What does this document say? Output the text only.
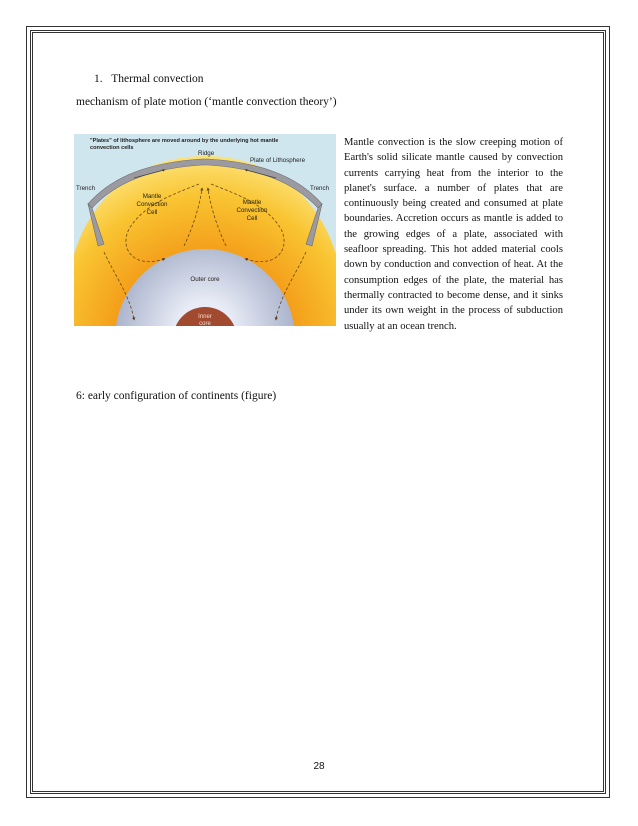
1. Thermal convection
mechanism of plate motion (‘mantle convection theory’)
"Plates" of lithosphere are moved around by the underlying hot mantle
convection cells
Ridge
Plate of Lithosphere
Trench	Trench
Mantle
Convection
Cell
Mantle
Convection
Cell
Outer core
Inner
core
Mantle convection is the slow creeping motion of Earth's solid silicate mantle caused by convection currents carrying heat from the interior to the planet's surface. a number of plates that are continuously being created and consumed at plate boundaries. Accretion occurs as mantle is added to the growing edges of a plate, associated with seafloor spreading. This hot added material cools down by conduction and convection of heat. At the consumption edges of the plate, the material has thermally contracted to become dense, and it sinks under its own weight in the process of subduction usually at an ocean trench.
6: early configuration of continents (figure)
28
